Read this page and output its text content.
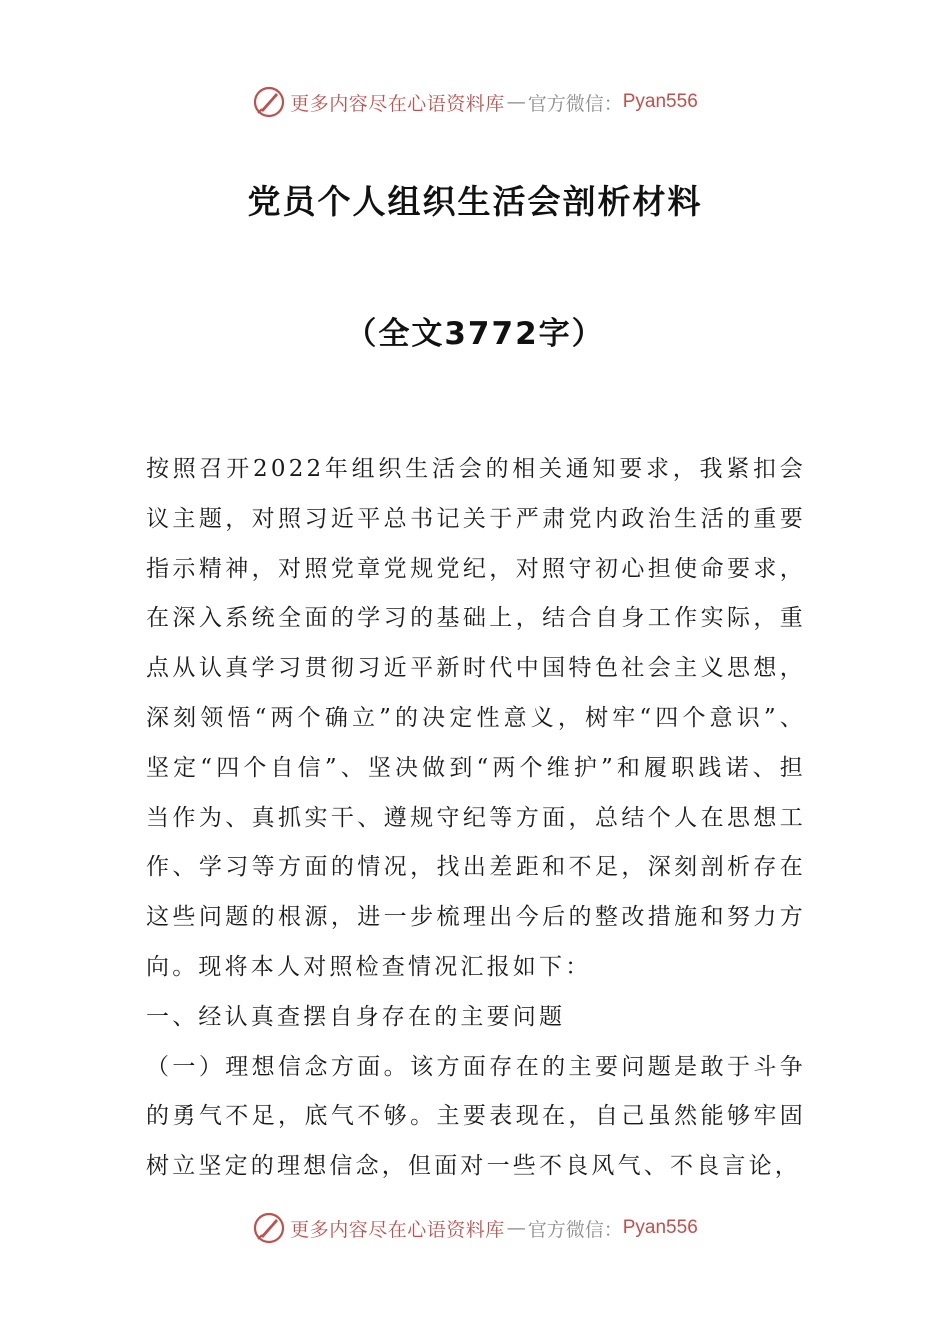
更多内容尽在心语资料库 — 官方微信： Pyan556
党员个人组织生活会剖析材料
（全文3772字）

按照召开2022年组织生活会的相关通知要求，我紧扣会议主题，对照习近平总书记关于严肃党内政治生活的重要指示精神，对照党章党规党纪，对照守初心担使命要求，在深入系统全面的学习的基础上，结合自身工作实际，重点从认真学习贯彻习近平新时代中国特色社会主义思想，深刻领悟“两个确立”的决定性意义，树牢“四个意识”、坚定“四个自信”、坚决做到“两个维护”和履职践诺、担当作为、真抓实干、遵规守纪等方面，总结个人在思想工作、学习等方面的情况，找出差距和不足，深刻剖析存在这些问题的根源，进一步梳理出今后的整改措施和努力方向。现将本人对照检查情况汇报如下：

一、经认真查摆自身存在的主要问题

（一）理想信念方面。该方面存在的主要问题是敢于斗争的勇气不足，底气不够。主要表现在，自己虽然能够牢固树立坚定的理想信念，但面对一些不良风气、不良言论，

更多内容尽在心语资料库 — 官方微信： Pyan556
